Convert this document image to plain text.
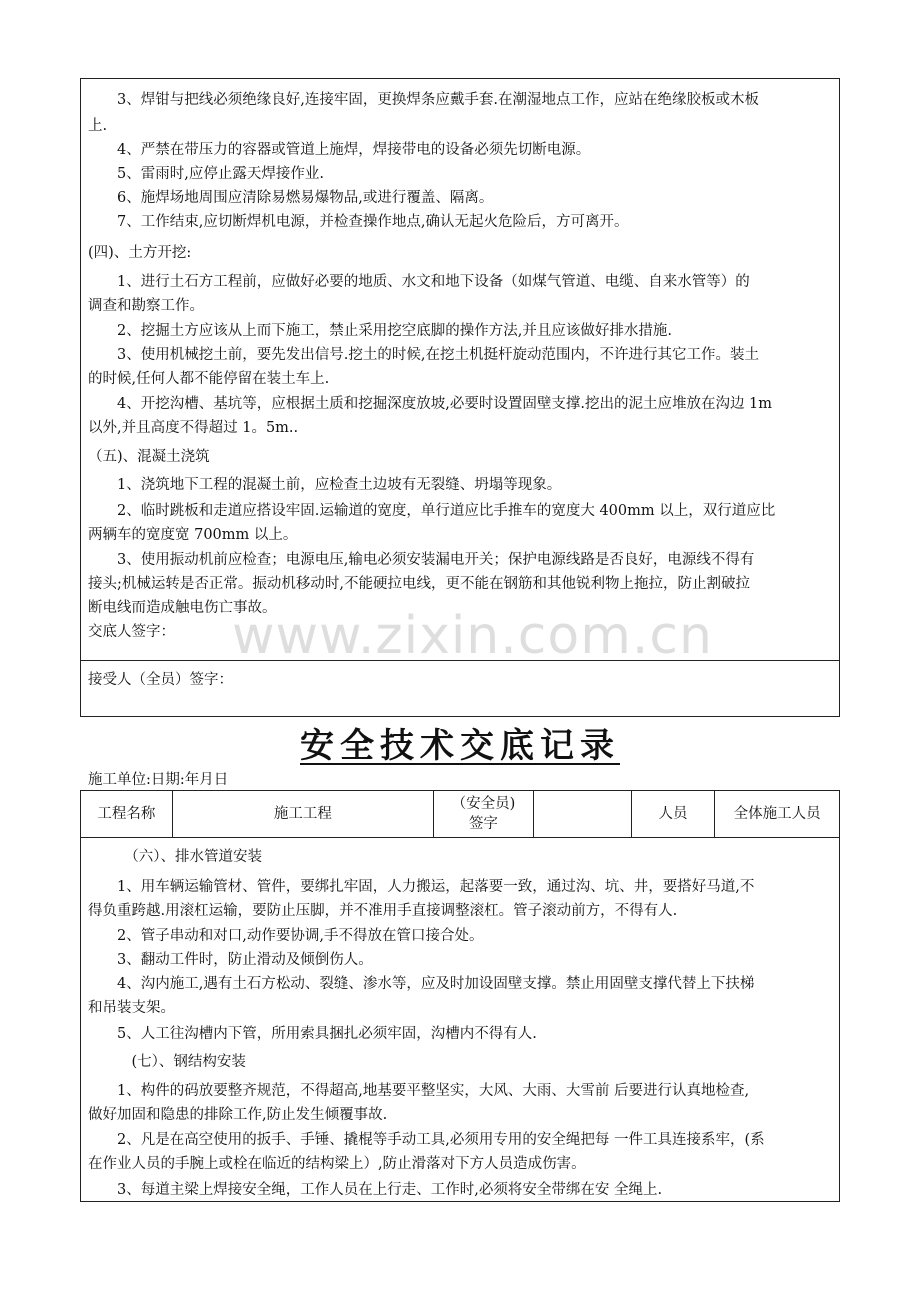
　　3、焊钳与把线必须绝缘良好,连接牢固，更换焊条应戴手套.在潮湿地点工作，应站在绝缘胶板或木板
上.
　　4、严禁在带压力的容器或管道上施焊，焊接带电的设备必须先切断电源。
　　5、雷雨时,应停止露天焊接作业.
　　6、施焊场地周围应清除易燃易爆物品,或进行覆盖、隔离。
　　7、工作结束,应切断焊机电源，并检查操作地点,确认无起火危险后，方可离开。
(四)、土方开挖:
　　1、进行土石方工程前，应做好必要的地质、水文和地下设备（如煤气管道、电缆、自来水管等）的
调查和勘察工作。
　　2、挖掘土方应该从上而下施工，禁止采用挖空底脚的操作方法,并且应该做好排水措施.
　　3、使用机械挖土前，要先发出信号.挖土的时候,在挖土机挺杆旋动范围内，不许进行其它工作。装土
的时候,任何人都不能停留在装土车上.
　　4、开挖沟槽、基坑等，应根据土质和挖掘深度放坡,必要时设置固壁支撑.挖出的泥土应堆放在沟边 1m
以外,并且高度不得超过 1。5m..
（五)、混凝土浇筑
　　1、浇筑地下工程的混凝土前，应检查土边坡有无裂缝、坍塌等现象。
　　2、临时跳板和走道应搭设牢固.运输道的宽度，单行道应比手推车的宽度大 400mm 以上，双行道应比
两辆车的宽度宽 700mm 以上。
　　3、使用振动机前应检查；电源电压,输电必须安装漏电开关；保护电源线路是否良好，电源线不得有
接头;机械运转是否正常。振动机移动时,不能硬拉电线，更不能在钢筋和其他锐利物上拖拉，防止割破拉
断电线而造成触电伤亡事故。
交底人签字：
接受人（全员）签字：
www.zixin.com.cn
安全技术交底记录
施工单位:日期:年月日
工程名称	施工工程
（安全员)
签字
人员	全体施工人员
　　　（六）、排水管道安装
　　1、用车辆运输管材、管件，要绑扎牢固，人力搬运，起落要一致，通过沟、坑、井，要搭好马道,不
得负重跨越.用滚杠运输，要防止压脚，并不准用手直接调整滚杠。管子滚动前方，不得有人.
　　2、管子串动和对口,动作要协调,手不得放在管口接合处。
　　3、翻动工件时，防止滑动及倾倒伤人。
　　4、沟内施工,遇有土石方松动、裂缝、渗水等，应及时加设固壁支撑。禁止用固壁支撑代替上下扶梯
和吊装支架。
　　5、人工往沟槽内下管，所用索具捆扎必须牢固，沟槽内不得有人.
　　　(七）、钢结构安装
　　1、构件的码放要整齐规范，不得超高,地基要平整坚实，大风、大雨、大雪前 后要进行认真地检查,
做好加固和隐患的排除工作,防止发生倾覆事故.
　　2、凡是在高空使用的扳手、手锤、撬棍等手动工具,必须用专用的安全绳把每 一件工具连接系牢，(系
在作业人员的手腕上或栓在临近的结构梁上）,防止滑落对下方人员造成伤害。
　　3、每道主梁上焊接安全绳，工作人员在上行走、工作时,必须将安全带绑在安 全绳上.
